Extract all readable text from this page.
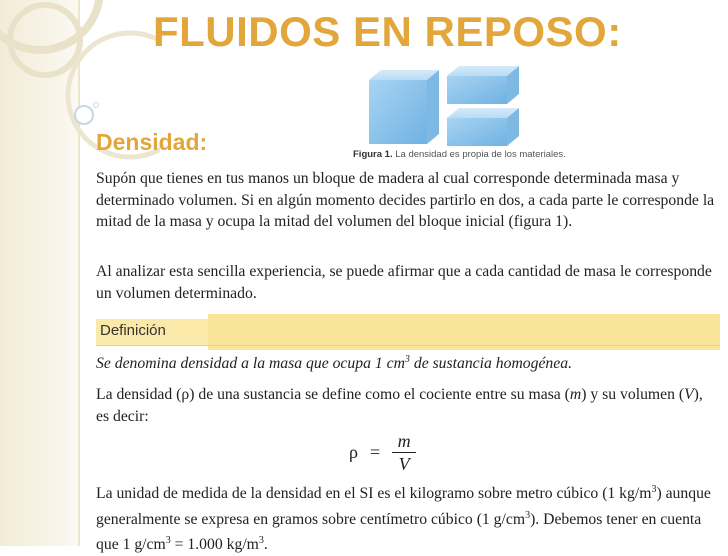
FLUIDOS EN REPOSO:
Densidad:	Figura 1. La densidad es propia de los materiales.

Supón que tienes en tus manos un bloque de madera al cual corresponde determinada masa y determinado volumen. Si en algún momento decides partirlo en dos, a cada parte le corresponde la mitad de la masa y ocupa la mitad del volumen del bloque inicial (figura 1).

Al analizar esta sencilla experiencia, se puede afirmar que a cada cantidad de masa le corresponde un volumen determinado.

Definición

Se denomina densidad a la masa que ocupa 1 $cm^3$ de sustancia homogénea.

La densidad (ρ) de una sustancia se define como el cociente entre su masa (m) y su volumen (V), es decir:

$\rho = \frac{m}{V}$

La unidad de medida de la densidad en el SI es el kilogramo sobre metro cúbico (1 $kg/m^3$) aunque generalmente se expresa en gramos sobre centímetro cúbico (1 $g/cm^3$). Debemos tener en cuenta que 1 $g/cm^3 = 1.000$ $kg/m^3$.
